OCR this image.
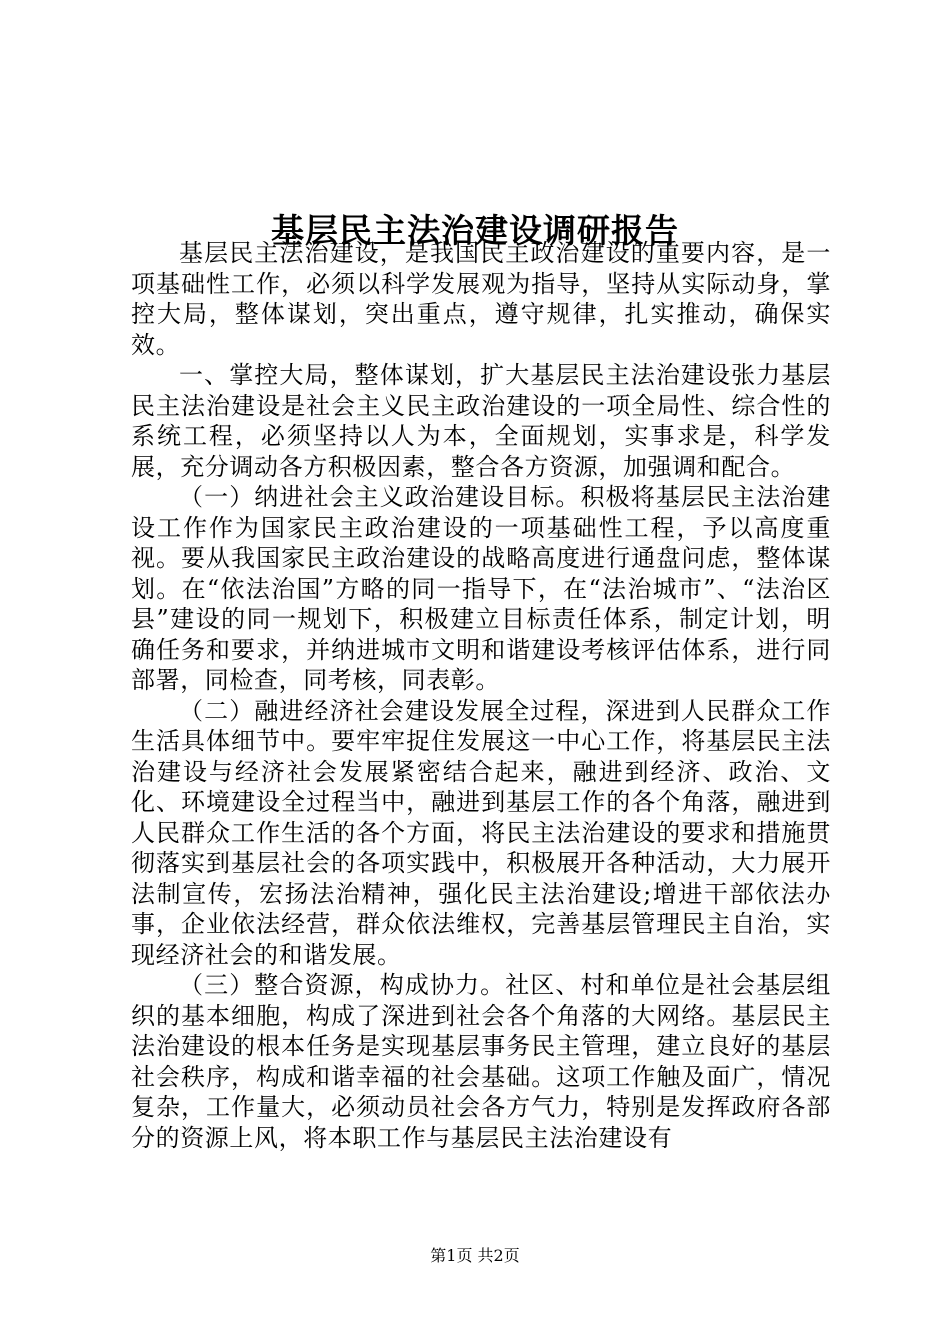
基层民主法治建设调研报告

基层民主法治建设，是我国民主政治建设的重要内容，是一项基础性工作，必须以科学发展观为指导，坚持从实际动身，掌控大局，整体谋划，突出重点，遵守规律，扎实推动，确保实效。

一、掌控大局，整体谋划，扩大基层民主法治建设张力基层民主法治建设是社会主义民主政治建设的一项全局性、综合性的系统工程，必须坚持以人为本，全面规划，实事求是，科学发展，充分调动各方积极因素，整合各方资源，加强调和配合。

（一）纳进社会主义政治建设目标。积极将基层民主法治建设工作作为国家民主政治建设的一项基础性工程，予以高度重视。要从我国家民主政治建设的战略高度进行通盘问虑，整体谋划。在“依法治国”方略的同一指导下，在“法治城市”、“法治区县”建设的同一规划下，积极建立目标责任体系，制定计划，明确任务和要求，并纳进城市文明和谐建设考核评估体系，进行同部署，同检查，同考核，同表彰。

（二）融进经济社会建设发展全过程，深进到人民群众工作生活具体细节中。要牢牢捉住发展这一中心工作，将基层民主法治建设与经济社会发展紧密结合起来，融进到经济、政治、文化、环境建设全过程当中，融进到基层工作的各个角落，融进到人民群众工作生活的各个方面，将民主法治建设的要求和措施贯彻落实到基层社会的各项实践中，积极展开各种活动，大力展开法制宣传，宏扬法治精神，强化民主法治建设;增进干部依法办事，企业依法经营，群众依法维权，完善基层管理民主自治，实现经济社会的和谐发展。

（三）整合资源，构成协力。社区、村和单位是社会基层组织的基本细胞，构成了深进到社会各个角落的大网络。基层民主法治建设的根本任务是实现基层事务民主管理，建立良好的基层社会秩序，构成和谐幸福的社会基础。这项工作触及面广，情况复杂，工作量大，必须动员社会各方气力，特别是发挥政府各部分的资源上风，将本职工作与基层民主法治建设有

第1页 共2页
